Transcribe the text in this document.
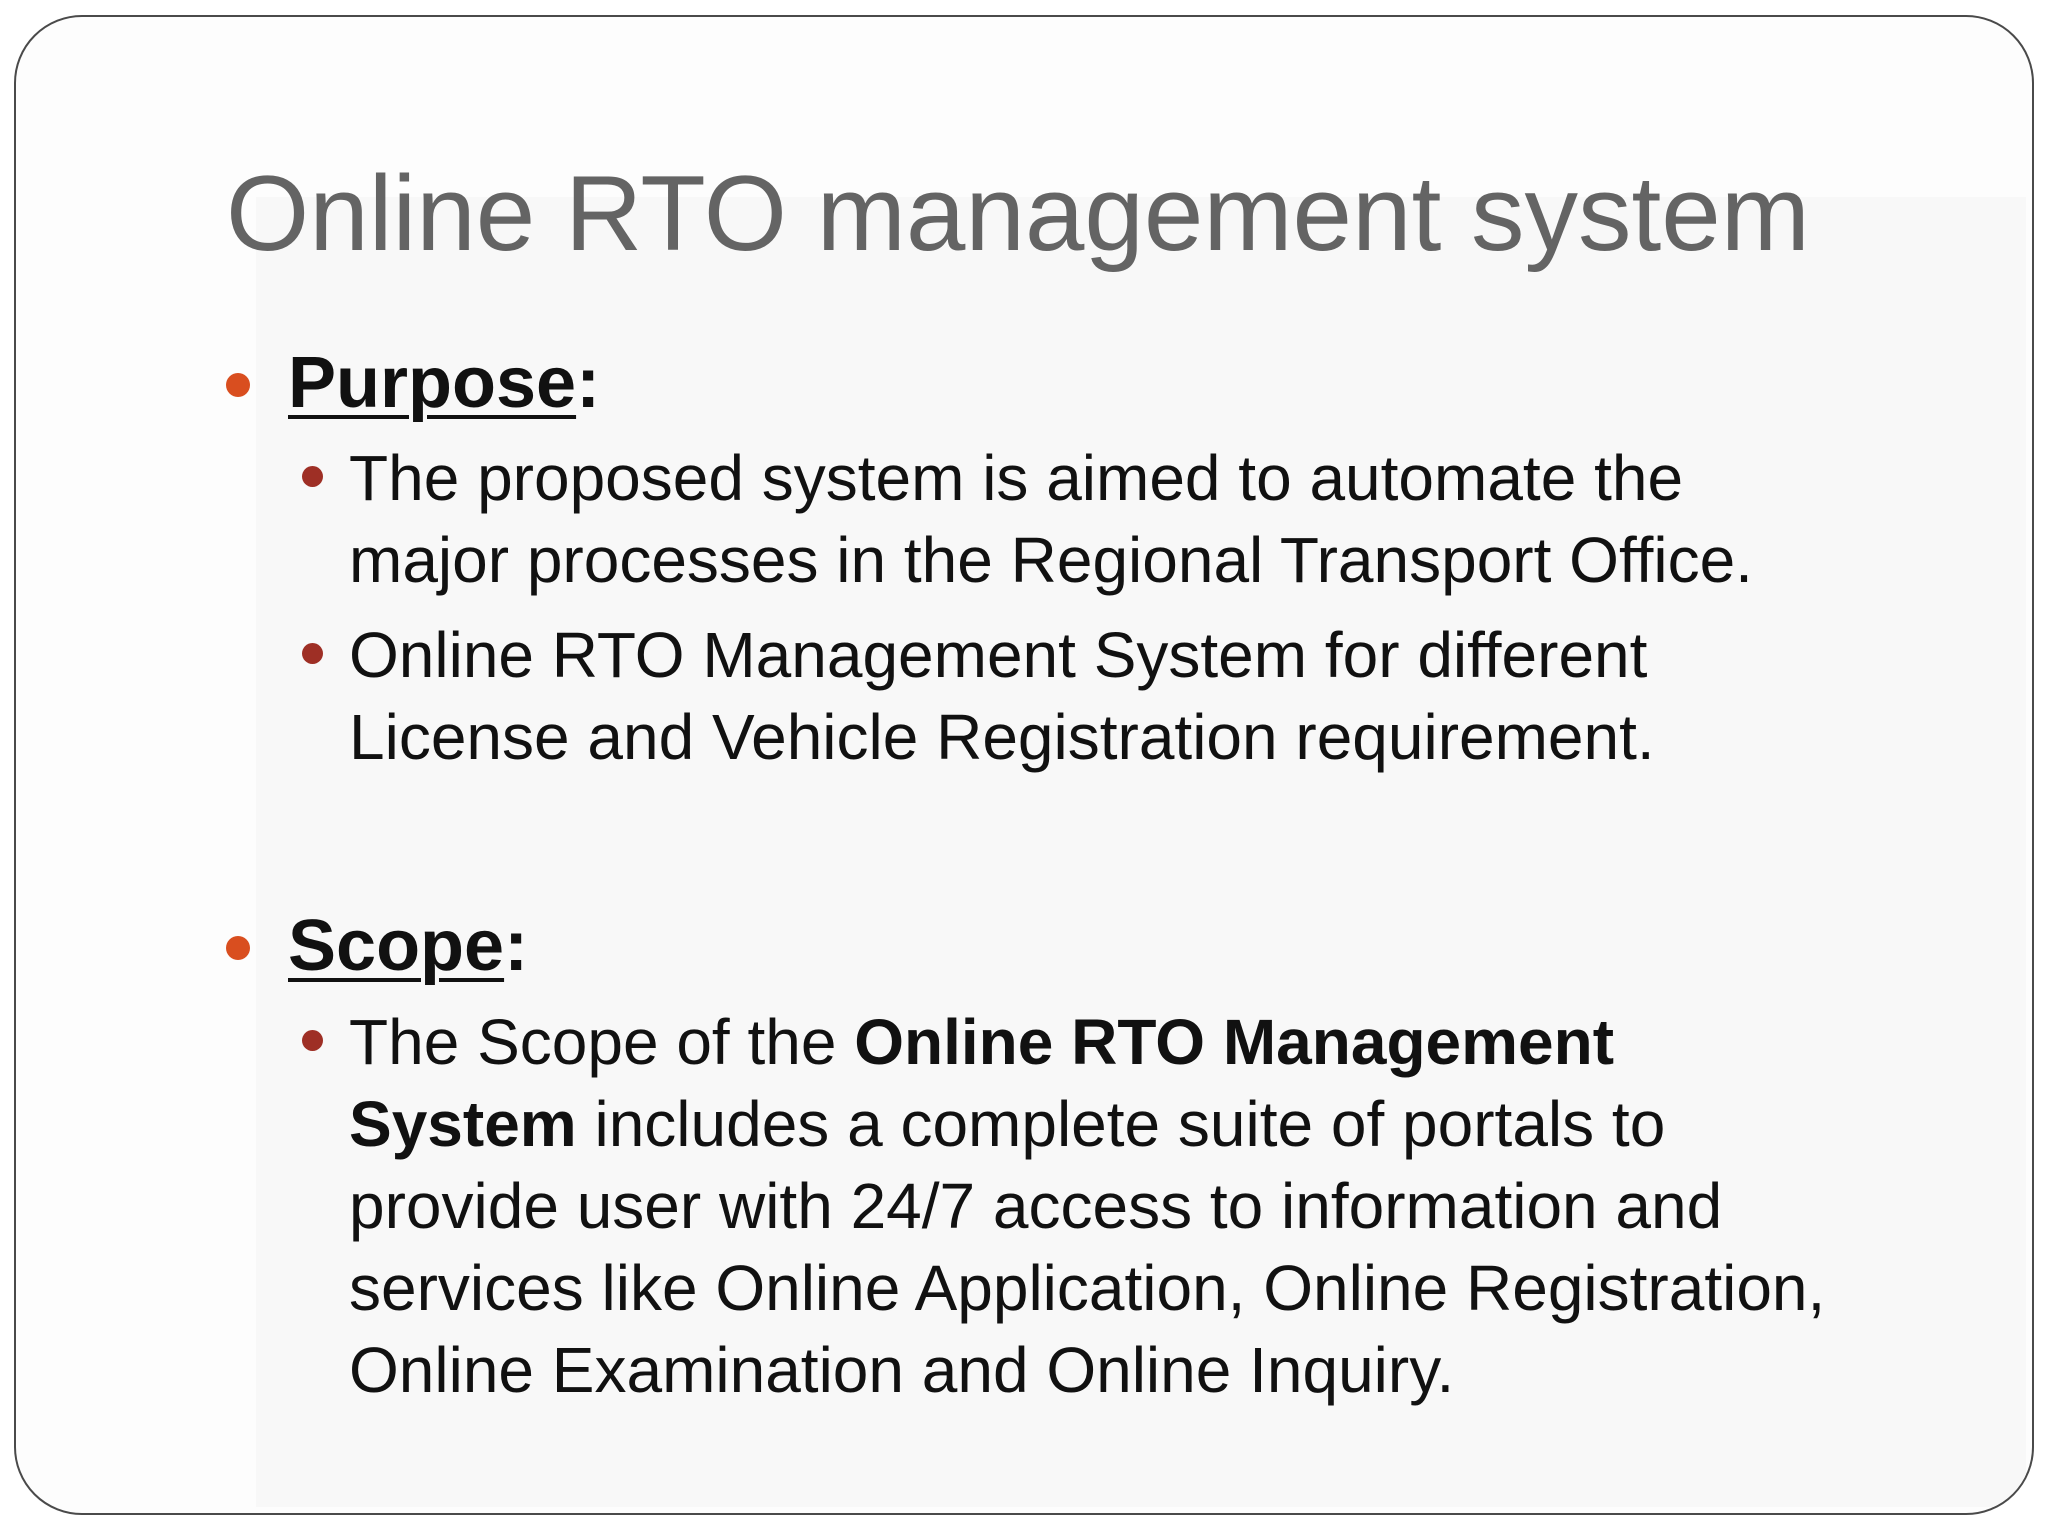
Online RTO management system
Purpose:
The proposed system is aimed to automate the
major processes in the Regional Transport Office.
Online RTO Management System for different
License and Vehicle Registration requirement.
Scope:
The Scope of the Online RTO Management
System includes a complete suite of portals to
provide user with 24/7 access to information and
services like Online Application, Online Registration,
Online Examination and Online Inquiry.
